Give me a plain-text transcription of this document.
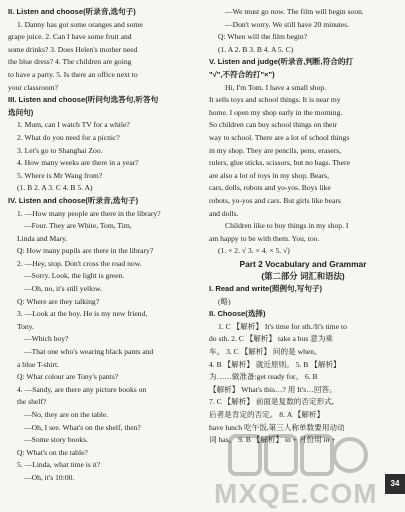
II. Listen and choose(听录音,选句子)

1. Danny has got some oranges and some

grape juice. 2. Can I have some fruit and

some drinks? 3. Does Helen's mother need

the blue dress? 4. The children are going

to have a party. 5. Is there an office next to

your classroom?

III. Listen and choose(听问句选答句,听答句

选问句)

1. Mum, can I watch TV for a while?

2. What do you need for a picnic?

3. Let's go to Shanghai Zoo.

4. How many weeks are there in a year?

5. Where is Mr Wang from?

(1. B 2. A 3. C 4. B 5. A)

IV. Listen and choose(听录音,选句子)

1. —How many people are there in the library?

—Four. They are White, Tom, Tim,

Linda and Mary.

Q: How many pupils are there in the library?

2. —Hey, stop. Don't cross the road now.

—Sorry. Look, the light is green.

—Oh, no, it's still yellow.

Q: Where are they talking?

3. —Look at the boy. He is my new friend,

Tony.

—Which boy?

—That one who's wearing black pants and

a blue T-shirt.

Q: What colour are Tony's pants?

4. —Sandy, are there any picture books on

the shelf?

—No, they are on the table.

—Oh, I see. What's on the shelf, then?

—Some story books.

Q: What's on the table?

5. —Linda, what time is it?

—Oh, it's 10:00.

—We must go now. The film will begin soon.

—Don't worry. We still have 20 minutes.

Q: When will the film begin?

(1. A 2. B 3. B 4. A 5. C)

V. Listen and judge(听录音,判断,符合的打

"√",不符合的打"×")

Hi, I'm Tom. I have a small shop.

It sells toys and school things. It is near my

home. I open my shop early in the morning.

So children can buy school things on their

way to school. There are a lot of school things

in my shop. They are pencils, pens, erasers,

rulers, glue sticks, scissors, but no bags. There

are also a lot of toys in my shop. Bears,

cars, dolls, robots and yo-yos. Boys like

robots, yo-yos and cars. But girls like bears

and dolls.

Children like to buy things in my shop. I

am happy to be with them. You, too.

(1. × 2. √ 3. × 4. × 5. √)

Part 2 Vocabulary and Grammar

(第二部分 词汇和语法)

I. Read and write(照例句,写句子)

(略)

II. Choose(选择)

1. C 【解析】 It's time for sth./It's time to

do sth. 2. C 【解析】 take a bus 意为乘

车。 3. C 【解析】 问的是 when。

4. B 【解析】 就近原则。 5. B 【解析】

为……做准备:get ready for。 6. B

【解析】 What's this…? 用 It's…回答。

7. C 【解析】 前面是复数的否定形式,

后者是肯定的否定。 8. A 【解析】

have lunch 吃午饭,第三人称单数要用动动

词 has。 9. B 【解析】 in + 月份用 in +

MXQE.COM	34
